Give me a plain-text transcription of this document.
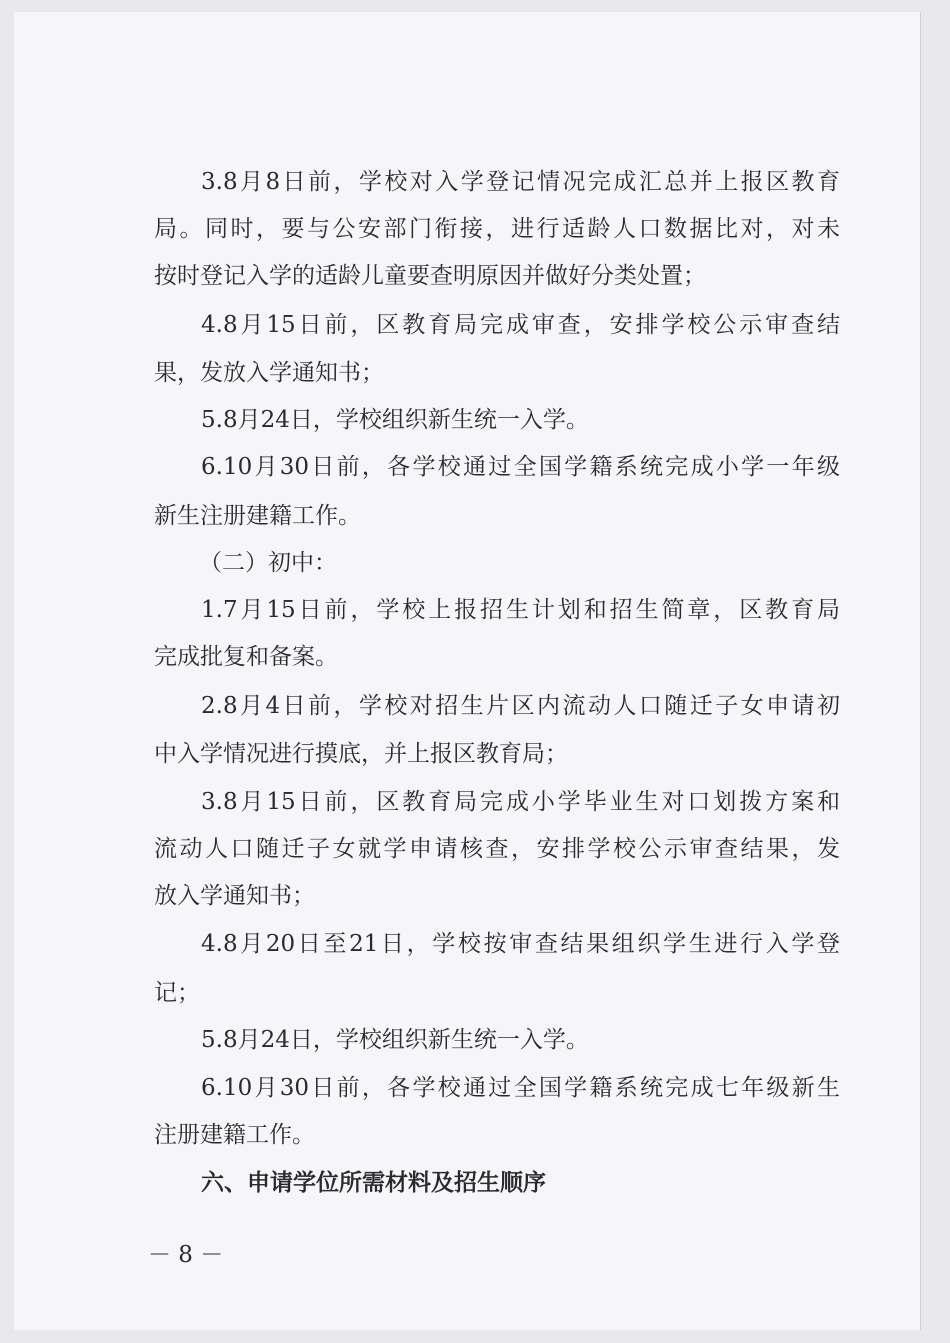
3.8月8日前，学校对入学登记情况完成汇总并上报区教育
局。同时，要与公安部门衔接，进行适龄人口数据比对，对未
按时登记入学的适龄儿童要查明原因并做好分类处置；
4.8月15日前，区教育局完成审查，安排学校公示审查结
果，发放入学通知书；
5.8月24日，学校组织新生统一入学。
6.10月30日前，各学校通过全国学籍系统完成小学一年级
新生注册建籍工作。
（二）初中：
1.7月15日前，学校上报招生计划和招生简章，区教育局
完成批复和备案。
2.8月4日前，学校对招生片区内流动人口随迁子女申请初
中入学情况进行摸底，并上报区教育局；
3.8月15日前，区教育局完成小学毕业生对口划拨方案和
流动人口随迁子女就学申请核查，安排学校公示审查结果，发
放入学通知书；
4.8月20日至21日，学校按审查结果组织学生进行入学登
记；
5.8月24日，学校组织新生统一入学。
6.10月30日前，各学校通过全国学籍系统完成七年级新生
注册建籍工作。
六、申请学位所需材料及招生顺序
－ 8 －
